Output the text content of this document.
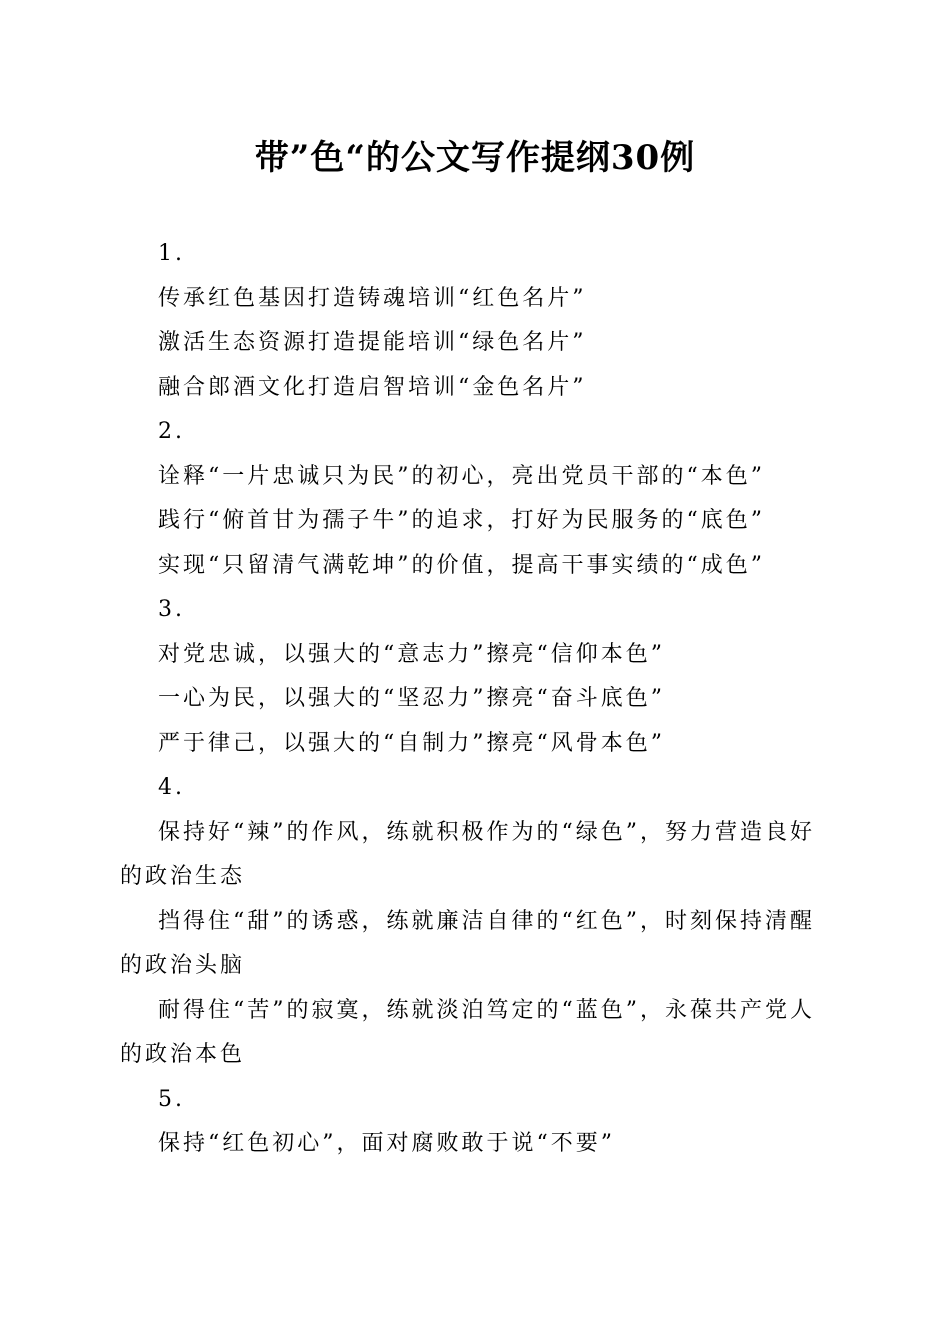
带”色“的公文写作提纲30例

1.

传承红色基因打造铸魂培训“红色名片”

激活生态资源打造提能培训“绿色名片”

融合郎酒文化打造启智培训“金色名片”

2.

诠释“一片忠诚只为民”的初心，亮出党员干部的“本色”

践行“俯首甘为孺子牛”的追求，打好为民服务的“底色”

实现“只留清气满乾坤”的价值，提高干事实绩的“成色”

3.

对党忠诚，以强大的“意志力”擦亮“信仰本色”

一心为民，以强大的“坚忍力”擦亮“奋斗底色”

严于律己，以强大的“自制力”擦亮“风骨本色”

4.

保持好“辣”的作风，练就积极作为的“绿色”，努力营造良好的政治生态

挡得住“甜”的诱惑，练就廉洁自律的“红色”，时刻保持清醒的政治头脑

耐得住“苦”的寂寞，练就淡泊笃定的“蓝色”，永葆共产党人的政治本色

5.

保持“红色初心”，面对腐败敢于说“不要”
